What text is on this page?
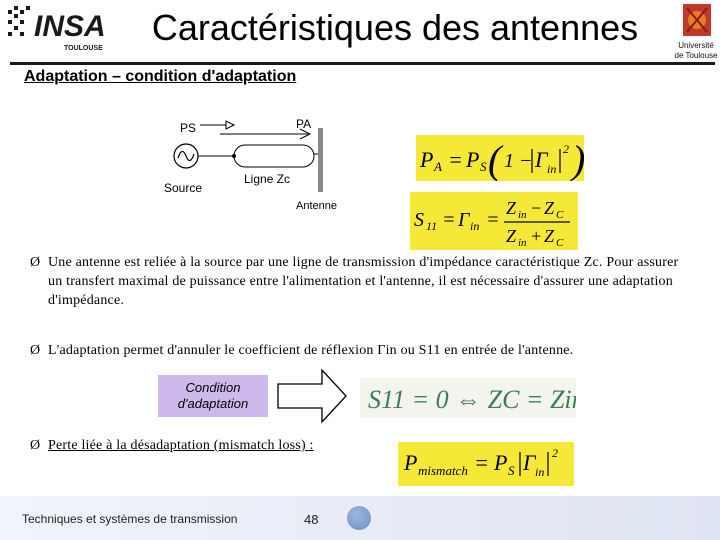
INSA
TOULOUSE	Université
de Toulouse
Caractéristiques des antennes
Adaptation – condition d'adaptation
PS	PA
Source
Ligne Zc
Antenne
P A = P S ( 1 − Γ in
2 )
S 11 = Γ in =
Z in − Z C
Z in + Z C
Ø Une antenne est reliée à la source par une ligne de transmission d'impédance caractéristique Zc. Pour assurer un transfert maximal de puissance entre l'alimentation et l'antenne, il est nécessaire d'assurer une adaptation d'impédance.
Ø L'adaptation permet d'annuler le coefficient de réflexion Γin ou S11 en entrée de l'antenne.
Condition d'adaptation	S11 = 0 ⇔ ZC = Zin
Ø Perte liée à la désadaptation (mismatch loss) :
P mismatch = P S Γ in
2
Techniques et systèmes de transmission	48
